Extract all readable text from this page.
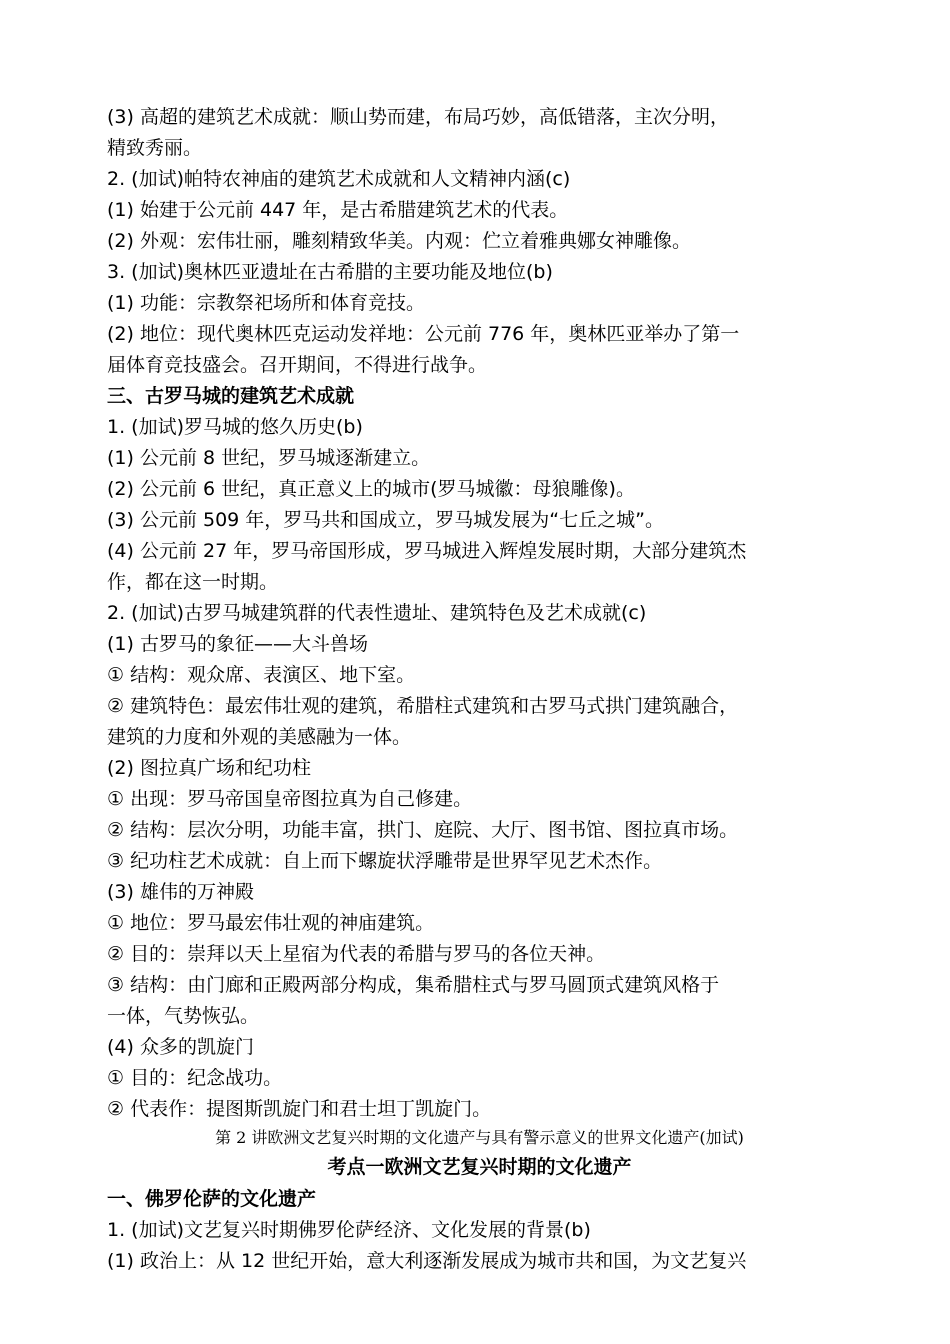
(3) 高超的建筑艺术成就：顺山势而建，布局巧妙，高低错落，主次分明，
精致秀丽。
2. (加试)帕特农神庙的建筑艺术成就和人文精神内涵(c)
(1) 始建于公元前 447 年，是古希腊建筑艺术的代表。
(2) 外观：宏伟壮丽，雕刻精致华美。内观：伫立着雅典娜女神雕像。
3. (加试)奥林匹亚遗址在古希腊的主要功能及地位(b)
(1) 功能：宗教祭祀场所和体育竞技。
(2) 地位：现代奥林匹克运动发祥地：公元前 776 年，奥林匹亚举办了第一
届体育竞技盛会。召开期间，不得进行战争。
三、古罗马城的建筑艺术成就
1. (加试)罗马城的悠久历史(b)
(1) 公元前 8 世纪，罗马城逐渐建立。
(2) 公元前 6 世纪，真正意义上的城市(罗马城徽：母狼雕像)。
(3) 公元前 509 年，罗马共和国成立，罗马城发展为“七丘之城”。
(4) 公元前 27 年，罗马帝国形成，罗马城进入辉煌发展时期，大部分建筑杰
作，都在这一时期。
2. (加试)古罗马城建筑群的代表性遗址、建筑特色及艺术成就(c)
(1) 古罗马的象征——大斗兽场
① 结构：观众席、表演区、地下室。
② 建筑特色：最宏伟壮观的建筑，希腊柱式建筑和古罗马式拱门建筑融合，
建筑的力度和外观的美感融为一体。
(2) 图拉真广场和纪功柱
① 出现：罗马帝国皇帝图拉真为自己修建。
② 结构：层次分明，功能丰富，拱门、庭院、大厅、图书馆、图拉真市场。
③ 纪功柱艺术成就：自上而下螺旋状浮雕带是世界罕见艺术杰作。
(3) 雄伟的万神殿
① 地位：罗马最宏伟壮观的神庙建筑。
② 目的：崇拜以天上星宿为代表的希腊与罗马的各位天神。
③ 结构：由门廊和正殿两部分构成，集希腊柱式与罗马圆顶式建筑风格于
一体，气势恢弘。
(4) 众多的凯旋门
① 目的：纪念战功。
② 代表作：提图斯凯旋门和君士坦丁凯旋门。
第 2 讲欧洲文艺复兴时期的文化遗产与具有警示意义的世界文化遗产(加试)
考点一欧洲文艺复兴时期的文化遗产
一、佛罗伦萨的文化遗产
1. (加试)文艺复兴时期佛罗伦萨经济、文化发展的背景(b)
(1) 政治上：从 12 世纪开始，意大利逐渐发展成为城市共和国，为文艺复兴
